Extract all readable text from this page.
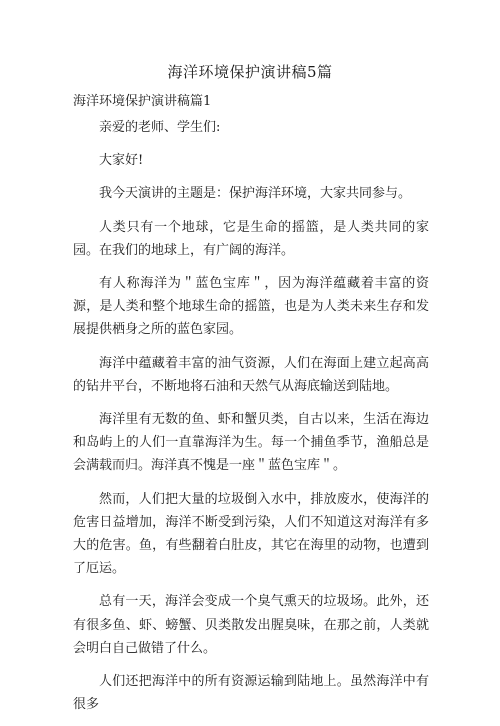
海洋环境保护演讲稿5篇
海洋环境保护演讲稿篇1

亲爱的老师、学生们:

大家好!

我今天演讲的主题是：保护海洋环境，大家共同参与。

人类只有一个地球，它是生命的摇篮，是人类共同的家园。在我们的地球上，有广阔的海洋。

有人称海洋为＂蓝色宝库＂，因为海洋蕴藏着丰富的资源，是人类和整个地球生命的摇篮，也是为人类未来生存和发展提供栖身之所的蓝色家园。

海洋中蕴藏着丰富的油气资源，人们在海面上建立起高高的钻井平台，不断地将石油和天然气从海底输送到陆地。

海洋里有无数的鱼、虾和蟹贝类，自古以来，生活在海边和岛屿上的人们一直靠海洋为生。每一个捕鱼季节，渔船总是会满载而归。海洋真不愧是一座＂蓝色宝库＂。

然而，人们把大量的垃圾倒入水中，排放废水，使海洋的危害日益增加，海洋不断受到污染，人们不知道这对海洋有多大的危害。鱼，有些翻着白肚皮，其它在海里的动物，也遭到了厄运。

总有一天，海洋会变成一个臭气熏天的垃圾场。此外，还有很多鱼、虾、螃蟹、贝类散发出腥臭味，在那之前，人类就会明白自己做错了什么。

人们还把海洋中的所有资源运输到陆地上。虽然海洋中有很多
